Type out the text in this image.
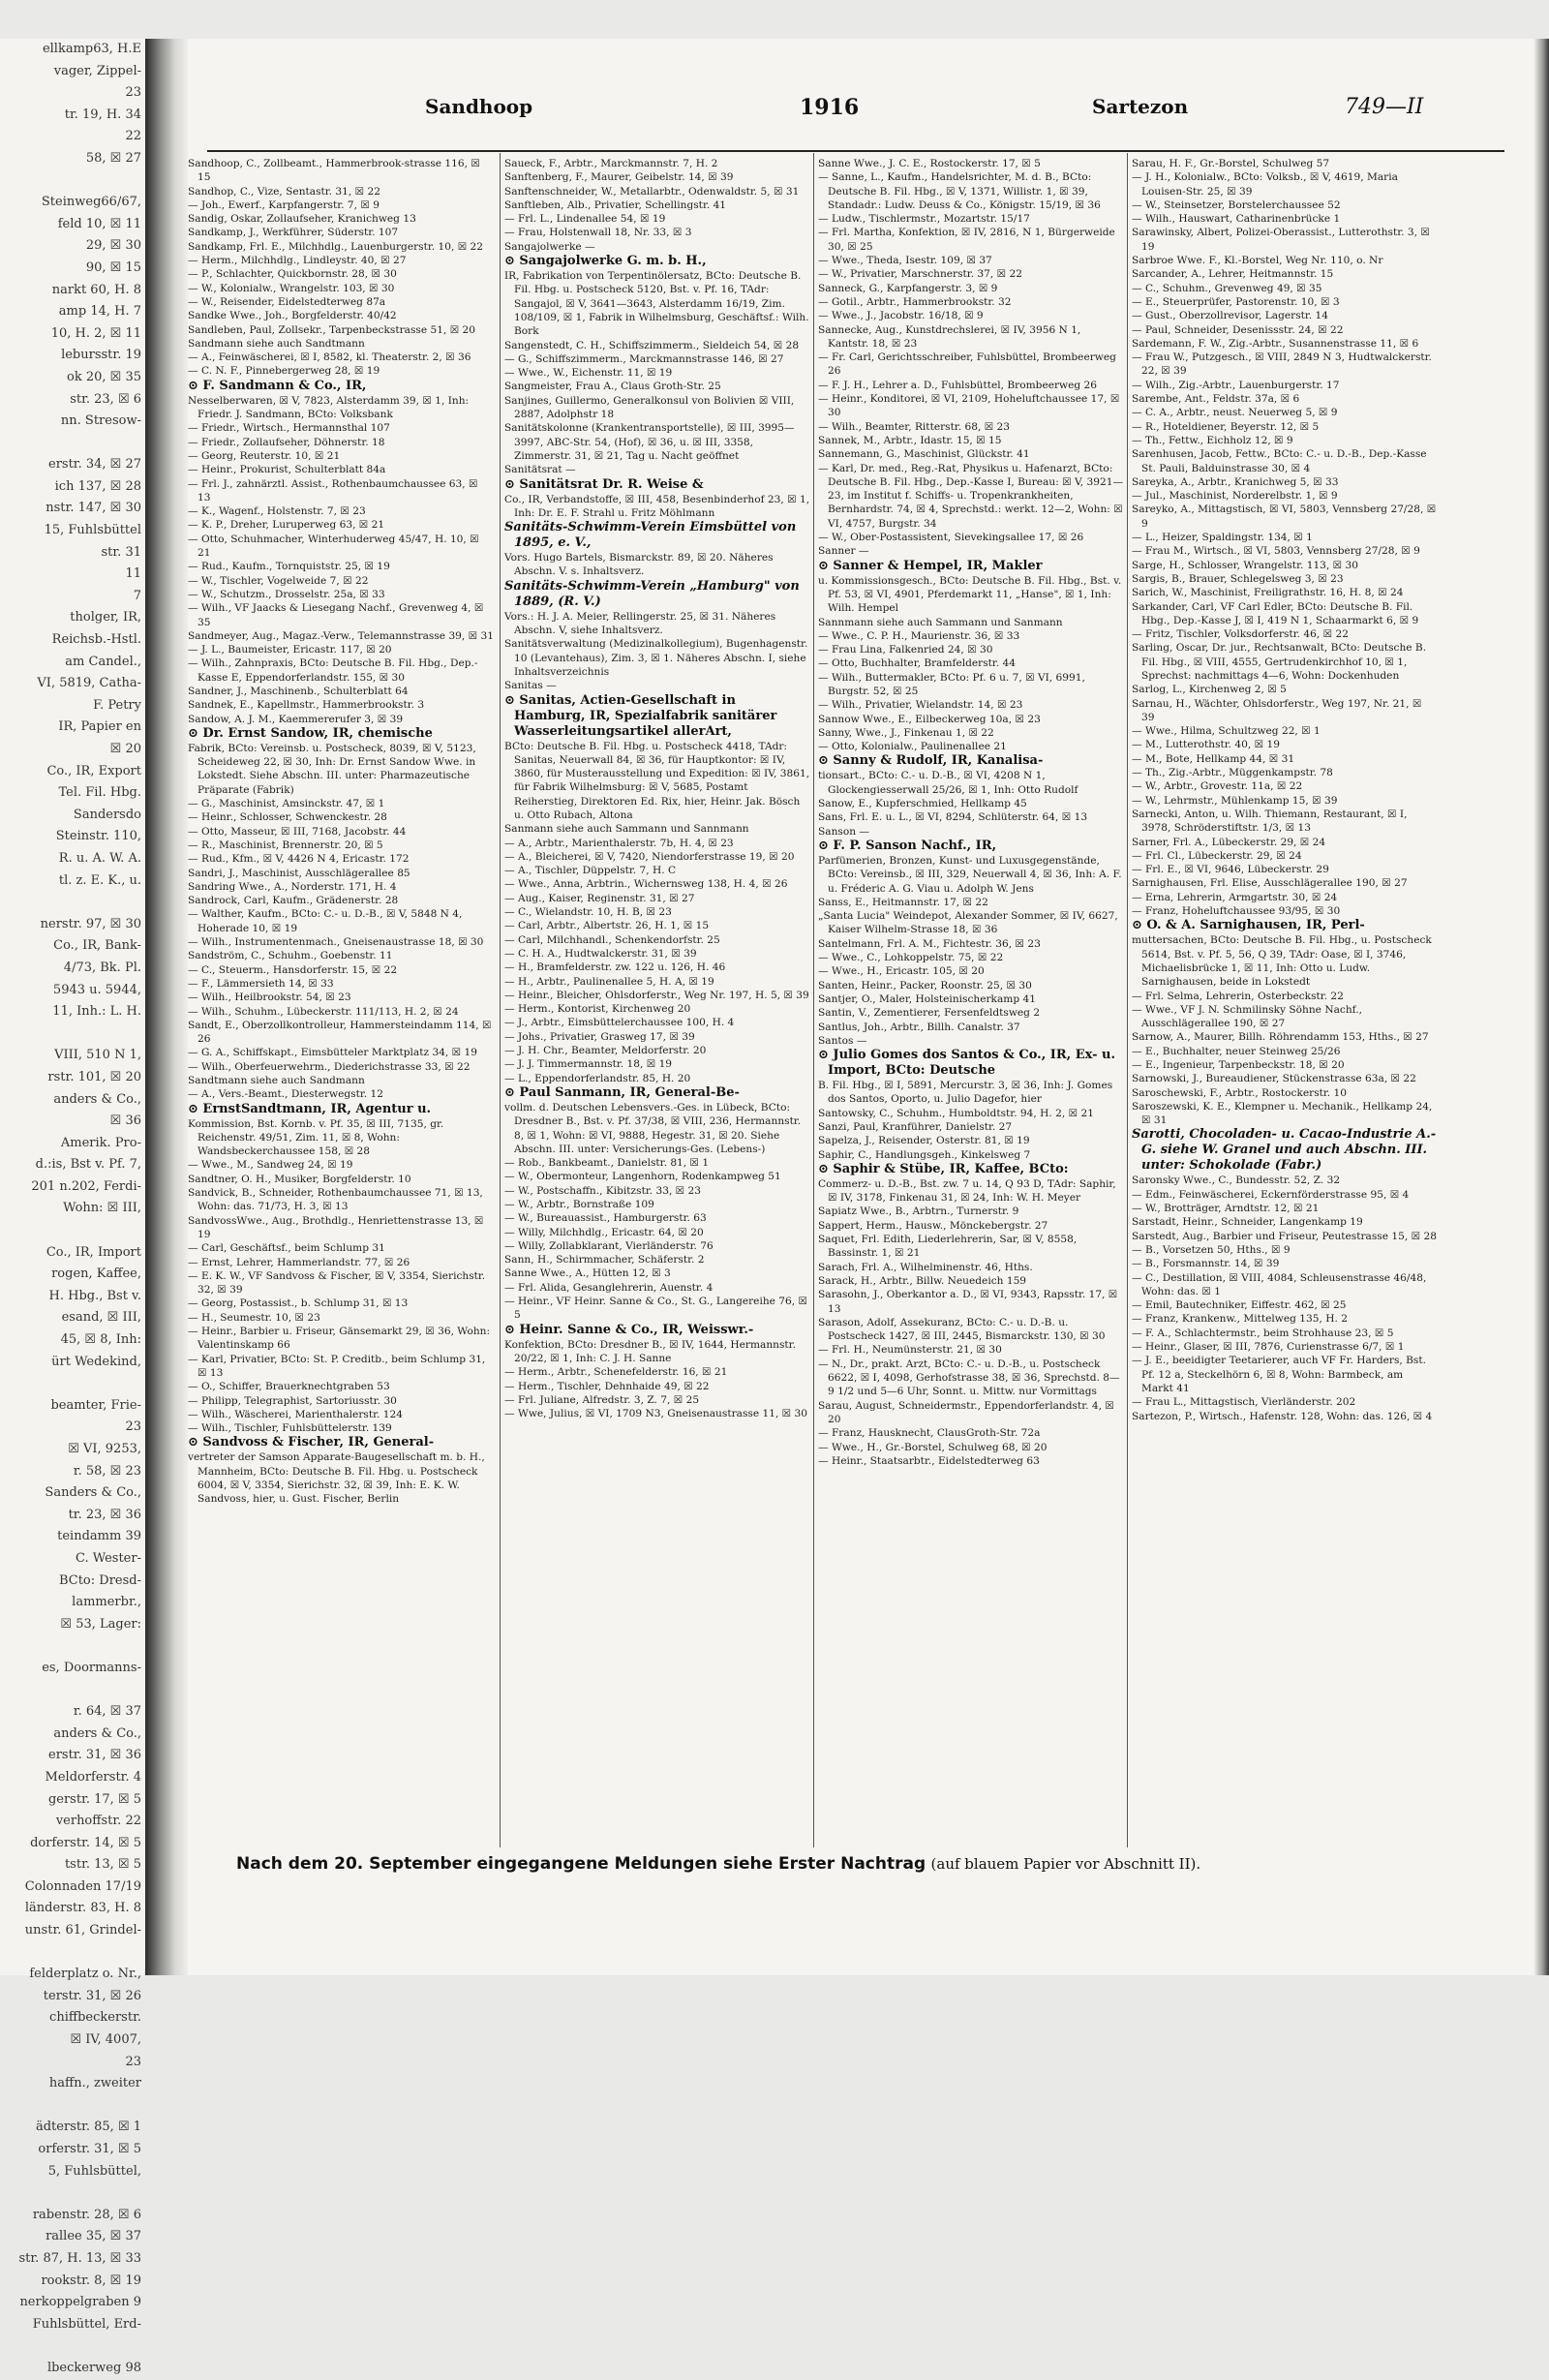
ellkamp63, H.E
vager, Zippel-
23
tr. 19, H. 34
22
58, ☒ 27

Steinweg66/67,
feld 10, ☒ 11
29, ☒ 30
90, ☒ 15
narkt 60, H. 8
amp 14, H. 7
10, H. 2, ☒ 11
lebursstr. 19
ok 20, ☒ 35
str. 23, ☒ 6
nn. Stresow-

erstr. 34, ☒ 27
ich 137, ☒ 28
nstr. 147, ☒ 30
15, Fuhlsbüttel
str. 31
11
7
tholger, IR,
Reichsb.-Hstl.
am Candel.,
VI, 5819, Catha-
F. Petry
IR, Papier en
☒ 20
Co., IR, Export
Tel. Fil. Hbg.
Sandersdo
Steinstr. 110,
R. u. A. W. A.
tl. z. E. K., u.

nerstr. 97, ☒ 30
Co., IR, Bank-
4/73, Bk. Pl.
5943 u. 5944,
11, Inh.: L. H.

VIII, 510 N 1,
rstr. 101, ☒ 20
anders & Co.,
☒ 36
Amerik. Pro-
d.:is, Bst v. Pf. 7,
201 n.202, Ferdi-
Wohn: ☒ III,

Co., IR, Import
rogen, Kaffee,
H. Hbg., Bst v.
esand, ☒ III,
45, ☒ 8, Inh:
ürt Wedekind,

beamter, Frie-
23
☒ VI, 9253,
r. 58, ☒ 23
Sanders & Co.,
tr. 23, ☒ 36
teindamm 39
C. Wester-
BCto: Dresd-
lammerbr.,
☒ 53, Lager:

es, Doormanns-

r. 64, ☒ 37
anders & Co.,
erstr. 31, ☒ 36
Meldorferstr. 4
gerstr. 17, ☒ 5
verhoffstr. 22
dorferstr. 14, ☒ 5
tstr. 13, ☒ 5
Colonnaden 17/19
länderstr. 83, H. 8
unstr. 61, Grindel-

felderplatz o. Nr.,
terstr. 31, ☒ 26
chiffbeckerstr.
☒ IV, 4007,
23
haffn., zweiter

ädterstr. 85, ☒ 1
orferstr. 31, ☒ 5
5, Fuhlsbüttel,

rabenstr. 28, ☒ 6
rallee 35, ☒ 37
str. 87, H. 13, ☒ 33
rookstr. 8, ☒ 19
nerkoppelgraben 9
Fuhlsbüttel, Erd-

lbeckerweg 98
Sandhoop	1916	Sartezon	749—II
Sandhoop, C., Zollbeamt., Hammerbrook-strasse 116, ☒ 15
Sandhop, C., Vize, Sentastr. 31, ☒ 22
— Joh., Ewerf., Karpfangerstr. 7, ☒ 9
Sandig, Oskar, Zollaufseher, Kranichweg 13
Sandkamp, J., Werkführer, Süderstr. 107
Sandkamp, Frl. E., Milchhdlg., Lauenburgerstr. 10, ☒ 22
— Herm., Milchhdlg., Lindleystr. 40, ☒ 27
— P., Schlachter, Quickbornstr. 28, ☒ 30
— W., Kolonialw., Wrangelstr. 103, ☒ 30
— W., Reisender, Eidelstedterweg 87a
Sandke Wwe., Joh., Borgfelderstr. 40/42
Sandleben, Paul, Zollsekr., Tarpenbeckstrasse 51, ☒ 20
Sandmann siehe auch Sandtmann
— A., Feinwäscherei, ☒ I, 8582, kl. Theaterstr. 2, ☒ 36
— C. N. F., Pinnebergerweg 28, ☒ 19
⊙ F. Sandmann & Co., IR,
Nesselberwaren, ☒ V, 7823, Alsterdamm 39, ☒ 1, Inh: Friedr. J. Sandmann, BCto: Volksbank
— Friedr., Wirtsch., Hermannsthal 107
— Friedr., Zollaufseher, Döhnerstr. 18
— Georg, Reuterstr. 10, ☒ 21
— Heinr., Prokurist, Schulterblatt 84a
— Frl. J., zahnärztl. Assist., Rothenbaumchaussee 63, ☒ 13
— K., Wagenf., Holstenstr. 7, ☒ 23
— K. P., Dreher, Luruperweg 63, ☒ 21
— Otto, Schuhmacher, Winterhuderweg 45/47, H. 10, ☒ 21
— Rud., Kaufm., Tornquiststr. 25, ☒ 19
— W., Tischler, Vogelweide 7, ☒ 22
— W., Schutzm., Drosselstr. 25a, ☒ 33
— Wilh., VF Jaacks & Liesegang Nachf., Grevenweg 4, ☒ 35
Sandmeyer, Aug., Magaz.-Verw., Telemannstrasse 39, ☒ 31
— J. L., Baumeister, Ericastr. 117, ☒ 20
— Wilh., Zahnpraxis, BCto: Deutsche B. Fil. Hbg., Dep.-Kasse E, Eppendorferlandstr. 155, ☒ 30
Sandner, J., Maschinenb., Schulterblatt 64
Sandnek, E., Kapellmstr., Hammerbrookstr. 3
Sandow, A. J. M., Kaemmererufer 3, ☒ 39
⊙ Dr. Ernst Sandow, IR, chemische
Fabrik, BCto: Vereinsb. u. Postscheck, 8039, ☒ V, 5123, Scheideweg 22, ☒ 30, Inh: Dr. Ernst Sandow Wwe. in Lokstedt. Siehe Abschn. III. unter: Pharmazeutische Präparate (Fabrik)
— G., Maschinist, Amsinckstr. 47, ☒ 1
— Heinr., Schlosser, Schwenckestr. 28
— Otto, Masseur, ☒ III, 7168, Jacobstr. 44
— R., Maschinist, Brennerstr. 20, ☒ 5
— Rud., Kfm., ☒ V, 4426 N 4, Ericastr. 172
Sandri, J., Maschinist, Ausschlägerallee 85
Sandring Wwe., A., Norderstr. 171, H. 4
Sandrock, Carl, Kaufm., Grädenerstr. 28
— Walther, Kaufm., BCto: C.- u. D.-B., ☒ V, 5848 N 4, Hoherade 10, ☒ 19
— Wilh., Instrumentenmach., Gneisenaustrasse 18, ☒ 30
Sandström, C., Schuhm., Goebenstr. 11
— C., Steuerm., Hansdorferstr. 15, ☒ 22
— F., Lämmersieth 14, ☒ 33
— Wilh., Heilbrookstr. 54, ☒ 23
— Wilh., Schuhm., Lübeckerstr. 111/113, H. 2, ☒ 24
Sandt, E., Oberzollkontrolleur, Hammersteindamm 114, ☒ 26
— G. A., Schiffskapt., Eimsbütteler Marktplatz 34, ☒ 19
— Wilh., Oberfeuerwehrm., Diederichstrasse 33, ☒ 22
Sandtmann siehe auch Sandmann
— A., Vers.-Beamt., Diesterwegstr. 12
⊙ ErnstSandtmann, IR, Agentur u.
Kommission, Bst. Kornb. v. Pf. 35, ☒ III, 7135, gr. Reichenstr. 49/51, Zim. 11, ☒ 8, Wohn: Wandsbeckerchaussee 158, ☒ 28
— Wwe., M., Sandweg 24, ☒ 19
Sandtner, O. H., Musiker, Borgfelderstr. 10
Sandvick, B., Schneider, Rothenbaumchaussee 71, ☒ 13, Wohn: das. 71/73, H. 3, ☒ 13
SandvossWwe., Aug., Brothdlg., Henriettenstrasse 13, ☒ 19
— Carl, Geschäftsf., beim Schlump 31
— Ernst, Lehrer, Hammerlandstr. 77, ☒ 26
— E. K. W., VF Sandvoss & Fischer, ☒ V, 3354, Sierichstr. 32, ☒ 39
— Georg, Postassist., b. Schlump 31, ☒ 13
— H., Seumestr. 10, ☒ 23
— Heinr., Barbier u. Friseur, Gänsemarkt 29, ☒ 36, Wohn: Valentinskamp 66
— Karl, Privatier, BCto: St. P. Creditb., beim Schlump 31, ☒ 13
— O., Schiffer, Brauerknechtgraben 53
— Philipp, Telegraphist, Sartoriusstr. 30
— Wilh., Wäscherei, Marienthalerstr. 124
— Wilh., Tischler, Fuhlsbüttelerstr. 139
⊙ Sandvoss & Fischer, IR, General-
vertreter der Samson Apparate-Baugesellschaft m. b. H., Mannheim, BCto: Deutsche B. Fil. Hbg. u. Postscheck 6004, ☒ V, 3354, Sierichstr. 32, ☒ 39, Inh: E. K. W. Sandvoss, hier, u. Gust. Fischer, Berlin
Saueck, F., Arbtr., Marckmannstr. 7, H. 2
Sanftenberg, F., Maurer, Geibelstr. 14, ☒ 39
Sanftenschneider, W., Metallarbtr., Odenwaldstr. 5, ☒ 31
Sanftleben, Alb., Privatier, Schellingstr. 41
— Frl. L., Lindenallee 54, ☒ 19
— Frau, Holstenwall 18, Nr. 33, ☒ 3
Sangajolwerke —
⊙ Sangajolwerke G. m. b. H.,
IR, Fabrikation von Terpentinölersatz, BCto: Deutsche B. Fil. Hbg. u. Postscheck 5120, Bst. v. Pf. 16, TAdr: Sangajol, ☒ V, 3641—3643, Alsterdamm 16/19, Zim. 108/109, ☒ 1, Fabrik in Wilhelmsburg, Geschäftsf.: Wilh. Bork
Sangenstedt, C. H., Schiffszimmerm., Sieldeich 54, ☒ 28
— G., Schiffszimmerm., Marckmannstrasse 146, ☒ 27
— Wwe., W., Eichenstr. 11, ☒ 19
Sangmeister, Frau A., Claus Groth-Str. 25
Sanjines, Guillermo, Generalkonsul von Bolivien ☒ VIII, 2887, Adolphstr 18
Sanitätskolonne (Krankentransportstelle), ☒ III, 3995—3997, ABC-Str. 54, (Hof), ☒ 36, u. ☒ III, 3358, Zimmerstr. 31, ☒ 21, Tag u. Nacht geöffnet
Sanitätsrat —
⊙ Sanitätsrat Dr. R. Weise &
Co., IR, Verbandstoffe, ☒ III, 458, Besenbinderhof 23, ☒ 1, Inh: Dr. E. F. Strahl u. Fritz Möhlmann
Sanitäts-Schwimm-Verein Eimsbüttel von 1895, e. V.,
Vors. Hugo Bartels, Bismarckstr. 89, ☒ 20. Näheres Abschn. V. s. Inhaltsverz.
Sanitäts-Schwimm-Verein „Hamburg" von 1889, (R. V.)
Vors.: H. J. A. Meier, Rellingerstr. 25, ☒ 31. Näheres Abschn. V, siehe Inhaltsverz.
Sanitätsverwaltung (Medizinalkollegium), Bugenhagenstr. 10 (Levantehaus), Zim. 3, ☒ 1. Näheres Abschn. I, siehe Inhaltsverzeichnis
Sanitas —
⊙ Sanitas, Actien-Gesellschaft in Hamburg, IR, Spezialfabrik sanitärer Wasserleitungsartikel allerArt,
BCto: Deutsche B. Fil. Hbg. u. Postscheck 4418, TAdr: Sanitas, Neuerwall 84, ☒ 36, für Hauptkontor: ☒ IV, 3860, für Musterausstellung und Expedition: ☒ IV, 3861, für Fabrik Wilhelmsburg: ☒ V, 5685, Postamt Reiherstieg, Direktoren Ed. Rix, hier, Heinr. Jak. Bösch u. Otto Rubach, Altona
Sanmann siehe auch Sammann und Sannmann
— A., Arbtr., Marienthalerstr. 7b, H. 4, ☒ 23
— A., Bleicherei, ☒ V, 7420, Niendorferstrasse 19, ☒ 20
— A., Tischler, Düppelstr. 7, H. C
— Wwe., Anna, Arbtrin., Wichernsweg 138, H. 4, ☒ 26
— Aug., Kaiser, Reginenstr. 31, ☒ 27
— C., Wielandstr. 10, H. B, ☒ 23
— Carl, Arbtr., Albertstr. 26, H. 1, ☒ 15
— Carl, Milchhandl., Schenkendorfstr. 25
— C. H. A., Hudtwalckerstr. 31, ☒ 39
— H., Bramfelderstr. zw. 122 u. 126, H. 46
— H., Arbtr., Paulinenallee 5, H. A, ☒ 19
— Heinr., Bleicher, Ohlsdorferstr., Weg Nr. 197, H. 5, ☒ 39
— Herm., Kontorist, Kirchenweg 20
— J., Arbtr., Eimsbüttelerchaussee 100, H. 4
— Johs., Privatier, Grasweg 17, ☒ 39
— J. H. Chr., Beamter, Meldorferstr. 20
— J. J. Timmermannstr. 18, ☒ 19
— L., Eppendorferlandstr. 85, H. 20
⊙ Paul Sanmann, IR, General-Be-
vollm. d. Deutschen Lebensvers.-Ges. in Lübeck, BCto: Dresdner B., Bst. v. Pf. 37/38, ☒ VIII, 236, Hermannstr. 8, ☒ 1, Wohn: ☒ VI, 9888, Hegestr. 31, ☒ 20. Siehe Abschn. III. unter: Versicherungs-Ges. (Lebens-)
— Rob., Bankbeamt., Danielstr. 81, ☒ 1
— W., Obermonteur, Langenhorn, Rodenkampweg 51
— W., Postschaffn., Kibitzstr. 33, ☒ 23
— W., Arbtr., Bornstraße 109
— W., Bureauassist., Hamburgerstr. 63
— Willy, Milchhdlg., Ericastr. 64, ☒ 20
— Willy, Zollabklarant, Vierländerstr. 76
Sann, H., Schirmmacher, Schäferstr. 2
Sanne Wwe., A., Hütten 12, ☒ 3
— Frl. Alida, Gesanglehrerin, Auenstr. 4
— Heinr., VF Heinr. Sanne & Co., St. G., Langereihe 76, ☒ 5
⊙ Heinr. Sanne & Co., IR, Weisswr.-
Konfektion, BCto: Dresdner B., ☒ IV, 1644, Hermannstr. 20/22, ☒ 1, Inh: C. J. H. Sanne
— Herm., Arbtr., Schenefelderstr. 16, ☒ 21
— Herm., Tischler, Dehnhaide 49, ☒ 22
— Frl. Juliane, Alfredstr. 3, Z. 7, ☒ 25
— Wwe, Julius, ☒ VI, 1709 N3, Gneisenaustrasse 11, ☒ 30
Sanne Wwe., J. C. E., Rostockerstr. 17, ☒ 5
— Sanne, L., Kaufm., Handelsrichter, M. d. B., BCto: Deutsche B. Fil. Hbg., ☒ V, 1371, Willistr. 1, ☒ 39, Standadr.: Ludw. Deuss & Co., Königstr. 15/19, ☒ 36
— Ludw., Tischlermstr., Mozartstr. 15/17
— Frl. Martha, Konfektion, ☒ IV, 2816, N 1, Bürgerweide 30, ☒ 25
— Wwe., Theda, Isestr. 109, ☒ 37
— W., Privatier, Marschnerstr. 37, ☒ 22
Sanneck, G., Karpfangerstr. 3, ☒ 9
— Gotil., Arbtr., Hammerbrookstr. 32
— Wwe., J., Jacobstr. 16/18, ☒ 9
Sannecke, Aug., Kunstdrechslerei, ☒ IV, 3956 N 1, Kantstr. 18, ☒ 23
— Fr. Carl, Gerichtsschreiber, Fuhlsbüttel, Brombeerweg 26
— F. J. H., Lehrer a. D., Fuhlsbüttel, Brombeerweg 26
— Heinr., Konditorei, ☒ VI, 2109, Hoheluftchaussee 17, ☒ 30
— Wilh., Beamter, Ritterstr. 68, ☒ 23
Sannek, M., Arbtr., Idastr. 15, ☒ 15
Sannemann, G., Maschinist, Glückstr. 41
— Karl, Dr. med., Reg.-Rat, Physikus u. Hafenarzt, BCto: Deutsche B. Fil. Hbg., Dep.-Kasse I, Bureau: ☒ V, 3921—23, im Institut f. Schiffs- u. Tropenkrankheiten, Bernhardstr. 74, ☒ 4, Sprechstd.: werkt. 12—2, Wohn: ☒ VI, 4757, Burgstr. 34
— W., Ober-Postassistent, Sievekingsallee 17, ☒ 26
Sanner —
⊙ Sanner & Hempel, IR, Makler
u. Kommissionsgesch., BCto: Deutsche B. Fil. Hbg., Bst. v. Pf. 53, ☒ VI, 4901, Pferdemarkt 11, „Hanse", ☒ 1, Inh: Wilh. Hempel
Sannmann siehe auch Sammann und Sanmann
— Wwe., C. P. H., Maurienstr. 36, ☒ 33
— Frau Lina, Falkenried 24, ☒ 30
— Otto, Buchhalter, Bramfelderstr. 44
— Wilh., Buttermakler, BCto: Pf. 6 u. 7, ☒ VI, 6991, Burgstr. 52, ☒ 25
— Wilh., Privatier, Wielandstr. 14, ☒ 23
Sannow Wwe., E., Eilbeckerweg 10a, ☒ 23
Sanny, Wwe., J., Finkenau 1, ☒ 22
— Otto, Kolonialw., Paulinenallee 21
⊙ Sanny & Rudolf, IR, Kanalisa-
tionsart., BCto: C.- u. D.-B., ☒ VI, 4208 N 1, Glockengiesserwall 25/26, ☒ 1, Inh: Otto Rudolf
Sanow, E., Kupferschmied, Hellkamp 45
Sans, Frl. E. u. L., ☒ VI, 8294, Schlüterstr. 64, ☒ 13
Sanson —
⊙ F. P. Sanson Nachf., IR,
Parfümerien, Bronzen, Kunst- und Luxusgegenstände, BCto: Vereinsb., ☒ III, 329, Neuerwall 4, ☒ 36, Inh: A. F. u. Fréderic A. G. Viau u. Adolph W. Jens
Sanss, E., Heitmannstr. 17, ☒ 22
„Santa Lucia" Weindepot, Alexander Sommer, ☒ IV, 6627, Kaiser Wilhelm-Strasse 18, ☒ 36
Santelmann, Frl. A. M., Fichtestr. 36, ☒ 23
— Wwe., C., Lohkoppelstr. 75, ☒ 22
— Wwe., H., Ericastr. 105, ☒ 20
Santen, Heinr., Packer, Roonstr. 25, ☒ 30
Santjer, O., Maler, Holsteinischerkamp 41
Santin, V., Zementierer, Fersenfeldtsweg 2
Santlus, Joh., Arbtr., Billh. Canalstr. 37
Santos —
⊙ Julio Gomes dos Santos & Co., IR, Ex- u. Import, BCto: Deutsche
B. Fil. Hbg., ☒ I, 5891, Mercurstr. 3, ☒ 36, Inh: J. Gomes dos Santos, Oporto, u. Julio Dagefor, hier
Santowsky, C., Schuhm., Humboldtstr. 94, H. 2, ☒ 21
Sanzi, Paul, Kranführer, Danielstr. 27
Sapelza, J., Reisender, Osterstr. 81, ☒ 19
Saphir, C., Handlungsgeh., Kinkelsweg 7
⊙ Saphir & Stübe, IR, Kaffee, BCto:
Commerz- u. D.-B., Bst. zw. 7 u. 14, Q 93 D, TAdr: Saphir, ☒ IV, 3178, Finkenau 31, ☒ 24, Inh: W. H. Meyer
Sapiatz Wwe., B., Arbtrn., Turnerstr. 9
Sappert, Herm., Hausw., Mönckebergstr. 27
Saquet, Frl. Edith, Liederlehrerin, Sar, ☒ V, 8558, Bassinstr. 1, ☒ 21
Sarach, Frl. A., Wilhelminenstr. 46, Hths.
Sarack, H., Arbtr., Billw. Neuedeich 159
Sarasohn, J., Oberkantor a. D., ☒ VI, 9343, Rapsstr. 17, ☒ 13
Sarason, Adolf, Assekuranz, BCto: C.- u. D.-B. u. Postscheck 1427, ☒ III, 2445, Bismarckstr. 130, ☒ 30
— Frl. H., Neumünsterstr. 21, ☒ 30
— N., Dr., prakt. Arzt, BCto: C.- u. D.-B., u. Postscheck 6622, ☒ I, 4098, Gerhofstrasse 38, ☒ 36, Sprechstd. 8—9 1/2 und 5—6 Uhr, Sonnt. u. Mittw. nur Vormittags
Sarau, August, Schneidermstr., Eppendorferlandstr. 4, ☒ 20
— Franz, Hausknecht, ClausGroth-Str. 72a
— Wwe., H., Gr.-Borstel, Schulweg 68, ☒ 20
— Heinr., Staatsarbtr., Eidelstedterweg 63
Sarau, H. F., Gr.-Borstel, Schulweg 57
— J. H., Kolonialw., BCto: Volksb., ☒ V, 4619, Maria Louisen-Str. 25, ☒ 39
— W., Steinsetzer, Borstelerchaussee 52
— Wilh., Hauswart, Catharinenbrücke 1
Sarawinsky, Albert, Polizei-Oberassist., Lutterothstr. 3, ☒ 19
Sarbroe Wwe. F., Kl.-Borstel, Weg Nr. 110, o. Nr
Sarcander, A., Lehrer, Heitmannstr. 15
— C., Schuhm., Grevenweg 49, ☒ 35
— E., Steuerprüfer, Pastorenstr. 10, ☒ 3
— Gust., Oberzollrevisor, Lagerstr. 14
— Paul, Schneider, Desenissstr. 24, ☒ 22
Sardemann, F. W., Zig.-Arbtr., Susannenstrasse 11, ☒ 6
— Frau W., Putzgesch., ☒ VIII, 2849 N 3, Hudtwalckerstr. 22, ☒ 39
— Wilh., Zig.-Arbtr., Lauenburgerstr. 17
Sarembe, Ant., Feldstr. 37a, ☒ 6
— C. A., Arbtr., neust. Neuerweg 5, ☒ 9
— R., Hoteldiener, Beyerstr. 12, ☒ 5
— Th., Fettw., Eichholz 12, ☒ 9
Sarenhusen, Jacob, Fettw., BCto: C.- u. D.-B., Dep.-Kasse St. Pauli, Balduinstrasse 30, ☒ 4
Sareyka, A., Arbtr., Kranichweg 5, ☒ 33
— Jul., Maschinist, Norderelbstr. 1, ☒ 9
Sareyko, A., Mittagstisch, ☒ VI, 5803, Vennsberg 27/28, ☒ 9
— L., Heizer, Spaldingstr. 134, ☒ 1
— Frau M., Wirtsch., ☒ VI, 5803, Vennsberg 27/28, ☒ 9
Sarge, H., Schlosser, Wrangelstr. 113, ☒ 30
Sargis, B., Brauer, Schlegelsweg 3, ☒ 23
Sarich, W., Maschinist, Freiligrathstr. 16, H. 8, ☒ 24
Sarkander, Carl, VF Carl Edler, BCto: Deutsche B. Fil. Hbg., Dep.-Kasse J, ☒ I, 419 N 1, Schaarmarkt 6, ☒ 9
— Fritz, Tischler, Volksdorferstr. 46, ☒ 22
Sarling, Oscar, Dr. jur., Rechtsanwalt, BCto: Deutsche B. Fil. Hbg., ☒ VIII, 4555, Gertrudenkirchhof 10, ☒ 1, Sprechst: nachmittags 4—6, Wohn: Dockenhuden
Sarlog, L., Kirchenweg 2, ☒ 5
Sarnau, H., Wächter, Ohlsdorferstr., Weg 197, Nr. 21, ☒ 39
— Wwe., Hilma, Schultzweg 22, ☒ 1
— M., Lutterothstr. 40, ☒ 19
— M., Bote, Hellkamp 44, ☒ 31
— Th., Zig.-Arbtr., Müggenkampstr. 78
— W., Arbtr., Grovestr. 11a, ☒ 22
— W., Lehrmstr., Mühlenkamp 15, ☒ 39
Sarnecki, Anton, u. Wilh. Thiemann, Restaurant, ☒ I, 3978, Schröderstiftstr. 1/3, ☒ 13
Sarner, Frl. A., Lübeckerstr. 29, ☒ 24
— Frl. Cl., Lübeckerstr. 29, ☒ 24
— Frl. E., ☒ VI, 9646, Lübeckerstr. 29
Sarnighausen, Frl. Elise, Ausschlägerallee 190, ☒ 27
— Erna, Lehrerin, Armgartstr. 30, ☒ 24
— Franz, Hoheluftchaussee 93/95, ☒ 30
⊙ O. & A. Sarnighausen, IR, Perl-
muttersachen, BCto: Deutsche B. Fil. Hbg., u. Postscheck 5614, Bst. v. Pf. 5, 56, Q 39, TAdr: Oase, ☒ I, 3746, Michaelisbrücke 1, ☒ 11, Inh: Otto u. Ludw. Sarnighausen, beide in Lokstedt
— Frl. Selma, Lehrerin, Osterbeckstr. 22
— Wwe., VF J. N. Schmilinsky Söhne Nachf., Ausschlägerallee 190, ☒ 27
Sarnow, A., Maurer, Billh. Röhrendamm 153, Hths., ☒ 27
— E., Buchhalter, neuer Steinweg 25/26
— E., Ingenieur, Tarpenbeckstr. 18, ☒ 20
Sarnowski, J., Bureaudiener, Stückenstrasse 63a, ☒ 22
Saroschewski, F., Arbtr., Rostockerstr. 10
Saroszewski, K. E., Klempner u. Mechanik., Hellkamp 24, ☒ 31
Sarotti, Chocoladen- u. Cacao-Industrie A.-G. siehe W. Granel und auch Abschn. III. unter: Schokolade (Fabr.)
Saronsky Wwe., C., Bundesstr. 52, Z. 32
— Edm., Feinwäscherei, Eckernförderstrasse 95, ☒ 4
— W., Brotträger, Arndtstr. 12, ☒ 21
Sarstadt, Heinr., Schneider, Langenkamp 19
Sarstedt, Aug., Barbier und Friseur, Peutestrasse 15, ☒ 28
— B., Vorsetzen 50, Hths., ☒ 9
— B., Forsmannstr. 14, ☒ 39
— C., Destillation, ☒ VIII, 4084, Schleusenstrasse 46/48, Wohn: das. ☒ 1
— Emil, Bautechniker, Eiffestr. 462, ☒ 25
— Franz, Krankenw., Mittelweg 135, H. 2
— F. A., Schlachtermstr., beim Strohhause 23, ☒ 5
— Heinr., Glaser, ☒ III, 7876, Curienstrasse 6/7, ☒ 1
— J. E., beeidigter Teetarierer, auch VF Fr. Harders, Bst. Pf. 12 a, Steckelhörn 6, ☒ 8, Wohn: Barmbeck, am Markt 41
— Frau L., Mittagstisch, Vierländerstr. 202
Sartezon, P., Wirtsch., Hafenstr. 128, Wohn: das. 126, ☒ 4
Nach dem 20. September eingegangene Meldungen siehe Erster Nachtrag (auf blauem Papier vor Abschnitt II).
